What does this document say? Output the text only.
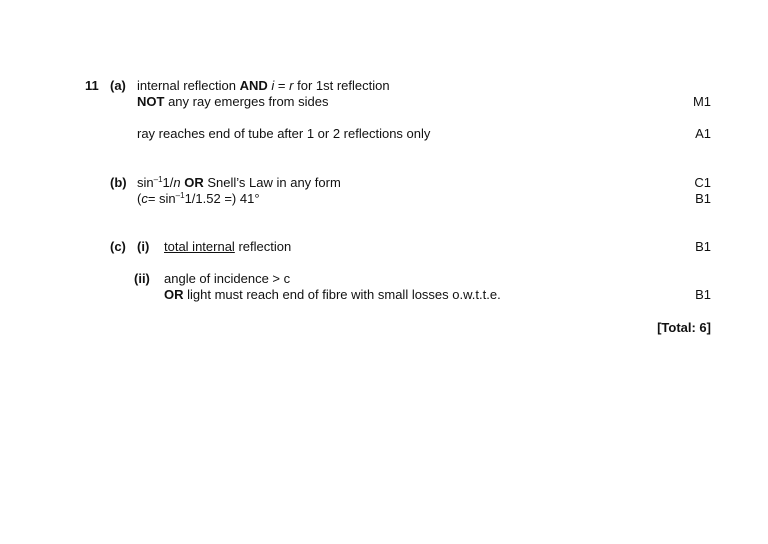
11 (a) internal reflection AND i = r for 1st reflection
NOT any ray emerges from sides	M1
ray reaches end of tube after 1 or 2 reflections only	A1
(b) $\sin^{-1}1/n$ OR Snell’s Law in any form	C1
($c= \sin^{-1}1/1.52$ =) 41°	B1
(c) (i) total internal reflection	B1
(ii) angle of incidence > c
OR light must reach end of fibre with small losses o.w.t.t.e.	B1
[Total: 6]
